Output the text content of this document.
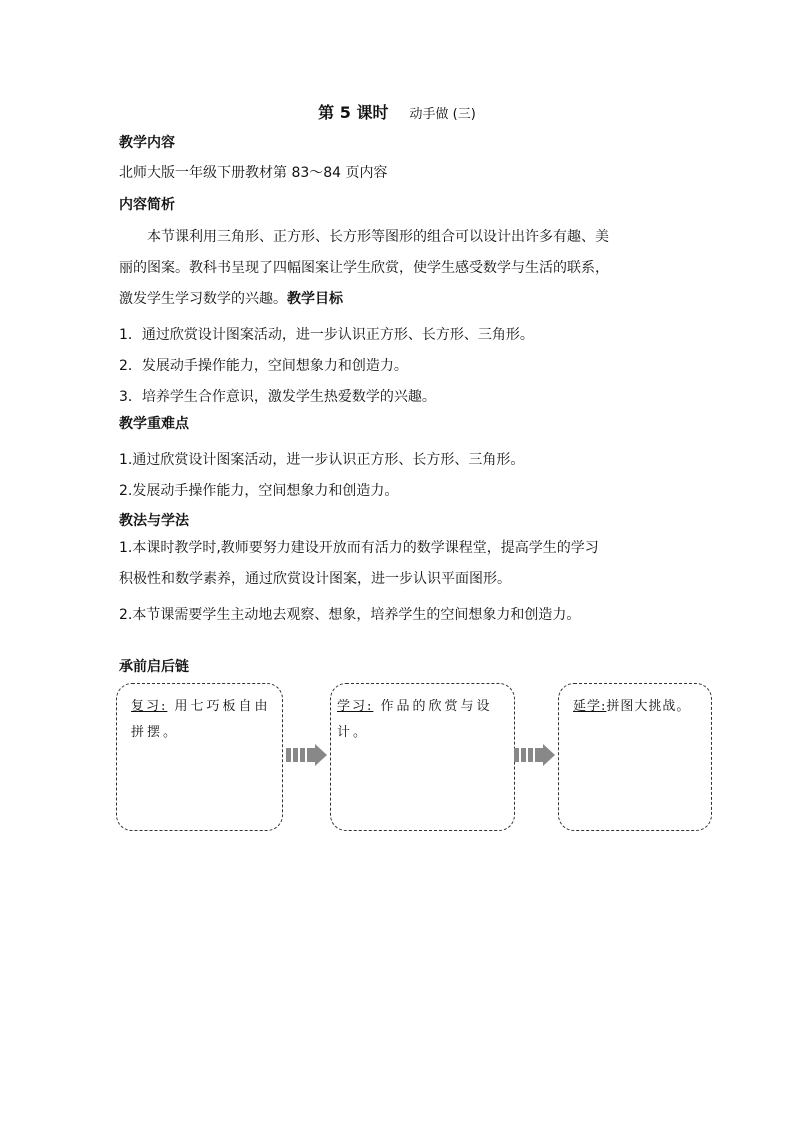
第 5 课时 动手做 (三)
教学内容
北师大版一年级下册教材第 83～84 页内容
内容简析
本节课利用三角形、正方形、长方形等图形的组合可以设计出许多有趣、美
丽的图案。教科书呈现了四幅图案让学生欣赏，使学生感受数学与生活的联系，
激发学生学习数学的兴趣。教学目标
1．通过欣赏设计图案活动，进一步认识正方形、长方形、三角形。
2．发展动手操作能力，空间想象力和创造力。
3．培养学生合作意识，激发学生热爱数学的兴趣。
教学重难点
1.通过欣赏设计图案活动，进一步认识正方形、长方形、三角形。
2.发展动手操作能力，空间想象力和创造力。
教法与学法
1.本课时教学时,教师要努力建设开放而有活力的数学课程堂，提高学生的学习
积极性和数学素养，通过欣赏设计图案，进一步认识平面图形。
2.本节课需要学生主动地去观察、想象，培养学生的空间想象力和创造力。
承前启后链
复习: 用七巧板自由拼摆。
学习: 作品的欣赏与设计。
延学:拼图大挑战。
